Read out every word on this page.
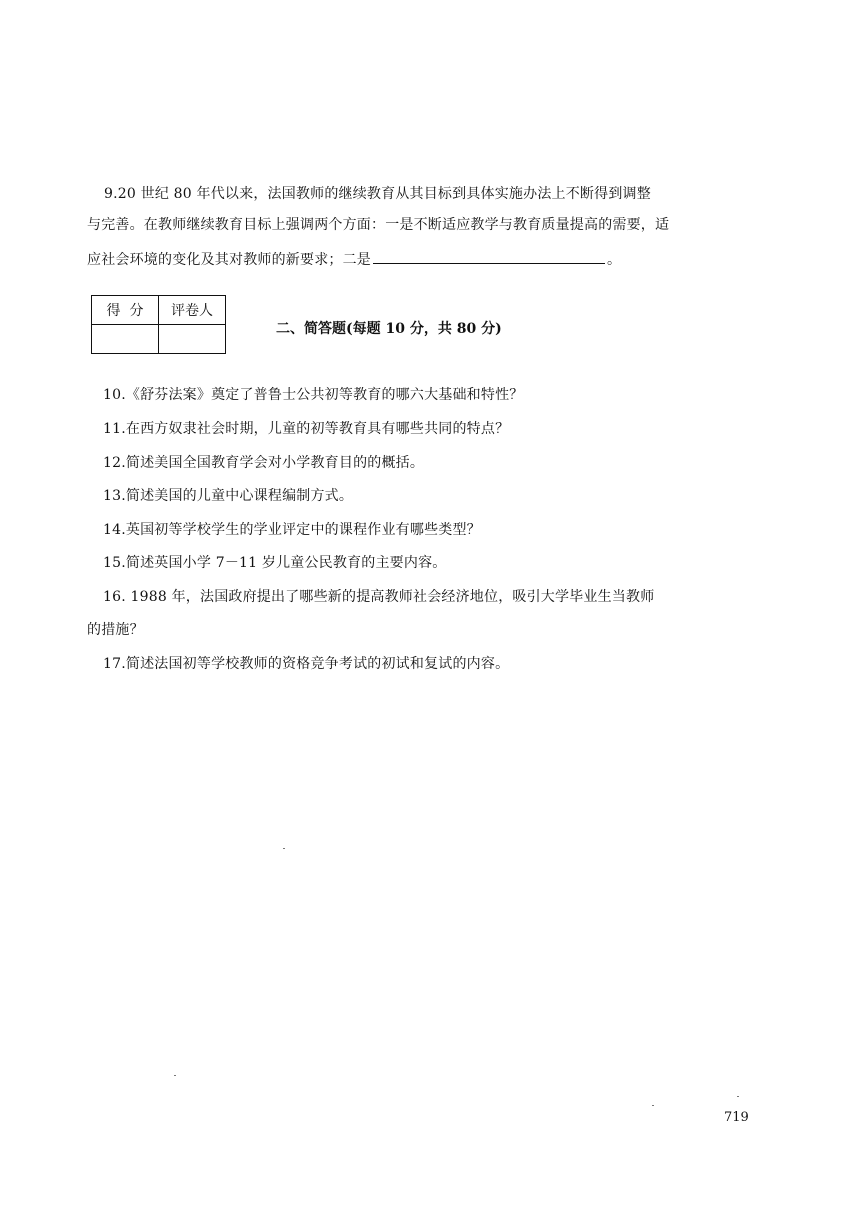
9.20 世纪 80 年代以来，法国教师的继续教育从其目标到具体实施办法上不断得到调整
与完善。在教师继续教育目标上强调两个方面：一是不断适应教学与教育质量提高的需要，适
应社会环境的变化及其对教师的新要求；二是	。
得  分	评卷人

二、简答题(每题 10 分，共 80 分)
10.《舒芬法案》奠定了普鲁士公共初等教育的哪六大基础和特性？
11.在西方奴隶社会时期，儿童的初等教育具有哪些共同的特点？
12.简述美国全国教育学会对小学教育目的的概括。
13.简述美国的儿童中心课程编制方式。
14.英国初等学校学生的学业评定中的课程作业有哪些类型？
15.简述英国小学 7－11 岁儿童公民教育的主要内容。
16. 1988 年，法国政府提出了哪些新的提高教师社会经济地位，吸引大学毕业生当教师
的措施？
17.简述法国初等学校教师的资格竞争考试的初试和复试的内容。
719
